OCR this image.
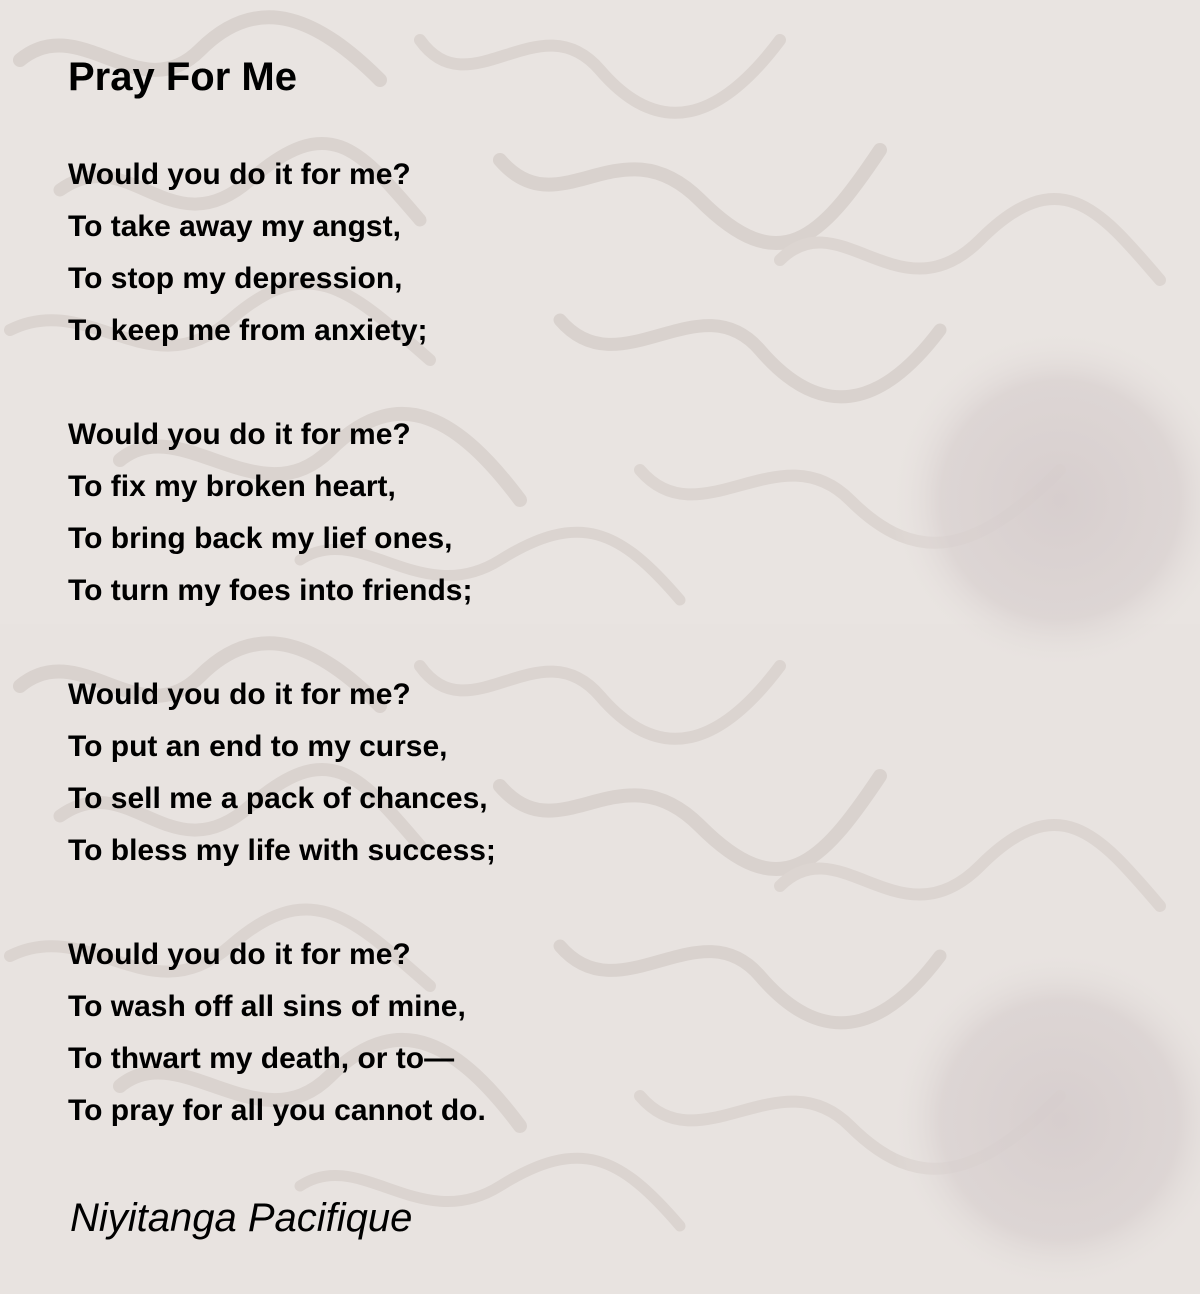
Pray For Me
Would you do it for me?
To take away my angst,
To stop my depression,
To keep me from anxiety;
Would you do it for me?
To fix my broken heart,
To bring back my lief ones,
To turn my foes into friends;
Would you do it for me?
To put an end to my curse,
To sell me a pack of chances,
To bless my life with success;
Would you do it for me?
To wash off all sins of mine,
To thwart my death, or to—
To pray for all you cannot do.

Niyitanga Pacifique
